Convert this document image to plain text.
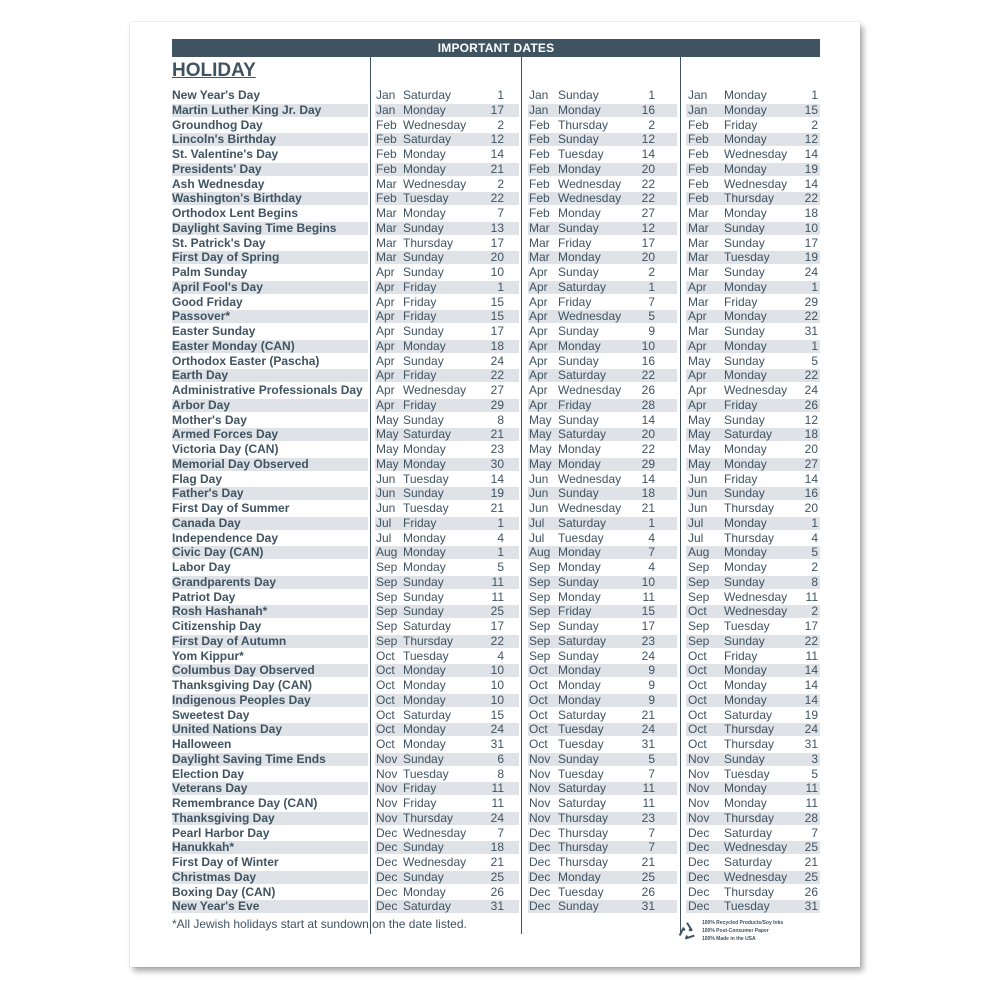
IMPORTANT DATES
HOLIDAY
New Year's Day	Jan Saturday	1 Jan Sunday	1	Jan Monday	1
Martin Luther King Jr. Day	Jan Monday	17 Jan Monday	16	Jan Monday	15
Groundhog Day	Feb Wednesday	2 Feb Thursday	2	Feb Friday	2
Lincoln's Birthday	Feb Saturday	12 Feb Sunday	12	Feb Monday	12
St. Valentine's Day	Feb Monday	14 Feb Tuesday	14	Feb Wednesday	14
Presidents' Day	Feb Monday	21 Feb Monday	20	Feb Monday	19
Ash Wednesday	Mar Wednesday	2 Feb Wednesday	22	Feb Wednesday	14
Washington's Birthday	Feb Tuesday	22 Feb Wednesday	22	Feb Thursday	22
Orthodox Lent Begins	Mar Monday	7 Feb Monday	27	Mar Monday	18
Daylight Saving Time Begins	Mar Sunday	13 Mar Sunday	12	Mar Sunday	10
St. Patrick's Day	Mar Thursday	17 Mar Friday	17	Mar Sunday	17
First Day of Spring	Mar Sunday	20 Mar Monday	20	Mar Tuesday	19
Palm Sunday	Apr Sunday	10 Apr Sunday	2	Mar Sunday	24
April Fool's Day	Apr Friday	1 Apr Saturday	1	Apr Monday	1
Good Friday	Apr Friday	15 Apr Friday	7	Mar Friday	29
Passover*	Apr Friday	15 Apr Wednesday	5	Apr Monday	22
Easter Sunday	Apr Sunday	17 Apr Sunday	9	Mar Sunday	31
Easter Monday (CAN)	Apr Monday	18 Apr Monday	10	Apr Monday	1
Orthodox Easter (Pascha)	Apr Sunday	24 Apr Sunday	16	May Sunday	5
Earth Day	Apr Friday	22 Apr Saturday	22	Apr Monday	22
Administrative Professionals Day Apr Wednesday	27 Apr Wednesday	26	Apr Wednesday	24
Arbor Day	Apr Friday	29 Apr Friday	28	Apr Friday	26
Mother's Day	May Sunday	8 May Sunday	14	May Sunday	12
Armed Forces Day	May Saturday	21 May Saturday	20	May Saturday	18
Victoria Day (CAN)	May Monday	23 May Monday	22	May Monday	20
Memorial Day Observed	May Monday	30 May Monday	29	May Monday	27
Flag Day	Jun Tuesday	14 Jun Wednesday	14	Jun Friday	14
Father's Day	Jun Sunday	19 Jun Sunday	18	Jun Sunday	16
First Day of Summer	Jun Tuesday	21 Jun Wednesday	21	Jun Thursday	20
Canada Day	Jul Friday	1 Jul Saturday	1	Jul Monday	1
Independence Day	Jul Monday	4 Jul Tuesday	4	Jul Thursday	4
Civic Day (CAN)	Aug Monday	1 Aug Monday	7	Aug Monday	5
Labor Day	Sep Monday	5 Sep Monday	4	Sep Monday	2
Grandparents Day	Sep Sunday	11 Sep Sunday	10	Sep Sunday	8
Patriot Day	Sep Sunday	11 Sep Monday	11	Sep Wednesday	11
Rosh Hashanah*	Sep Sunday	25 Sep Friday	15	Oct Wednesday	2
Citizenship Day	Sep Saturday	17 Sep Sunday	17	Sep Tuesday	17
First Day of Autumn	Sep Thursday	22 Sep Saturday	23	Sep Sunday	22
Yom Kippur*	Oct Tuesday	4 Sep Sunday	24	Oct Friday	11
Columbus Day Observed	Oct Monday	10 Oct Monday	9	Oct Monday	14
Thanksgiving Day (CAN)	Oct Monday	10 Oct Monday	9	Oct Monday	14
Indigenous Peoples Day	Oct Monday	10 Oct Monday	9	Oct Monday	14
Sweetest Day	Oct Saturday	15 Oct Saturday	21	Oct Saturday	19
United Nations Day	Oct Monday	24 Oct Tuesday	24	Oct Thursday	24
Halloween	Oct Monday	31 Oct Tuesday	31	Oct Thursday	31
Daylight Saving Time Ends	Nov Sunday	6 Nov Sunday	5	Nov Sunday	3
Election Day	Nov Tuesday	8 Nov Tuesday	7	Nov Tuesday	5
Veterans Day	Nov Friday	11 Nov Saturday	11	Nov Monday	11
Remembrance Day (CAN)	Nov Friday	11 Nov Saturday	11	Nov Monday	11
Thanksgiving Day	Nov Thursday	24 Nov Thursday	23	Nov Thursday	28
Pearl Harbor Day	Dec Wednesday	7 Dec Thursday	7	Dec Saturday	7
Hanukkah*	Dec Sunday	18 Dec Thursday	7	Dec Wednesday	25
First Day of Winter	Dec Wednesday	21 Dec Thursday	21	Dec Saturday	21
Christmas Day	Dec Sunday	25 Dec Monday	25	Dec Wednesday	25
Boxing Day (CAN)	Dec Monday	26 Dec Tuesday	26	Dec Thursday	26
New Year's Eve	Dec Saturday	31 Dec Sunday	31	Dec Tuesday	31
*All Jewish holidays start at sundown on the date listed.	100% Recycled Products/Soy Inks
100% Post-Consumer Paper
100% Made in the USA
